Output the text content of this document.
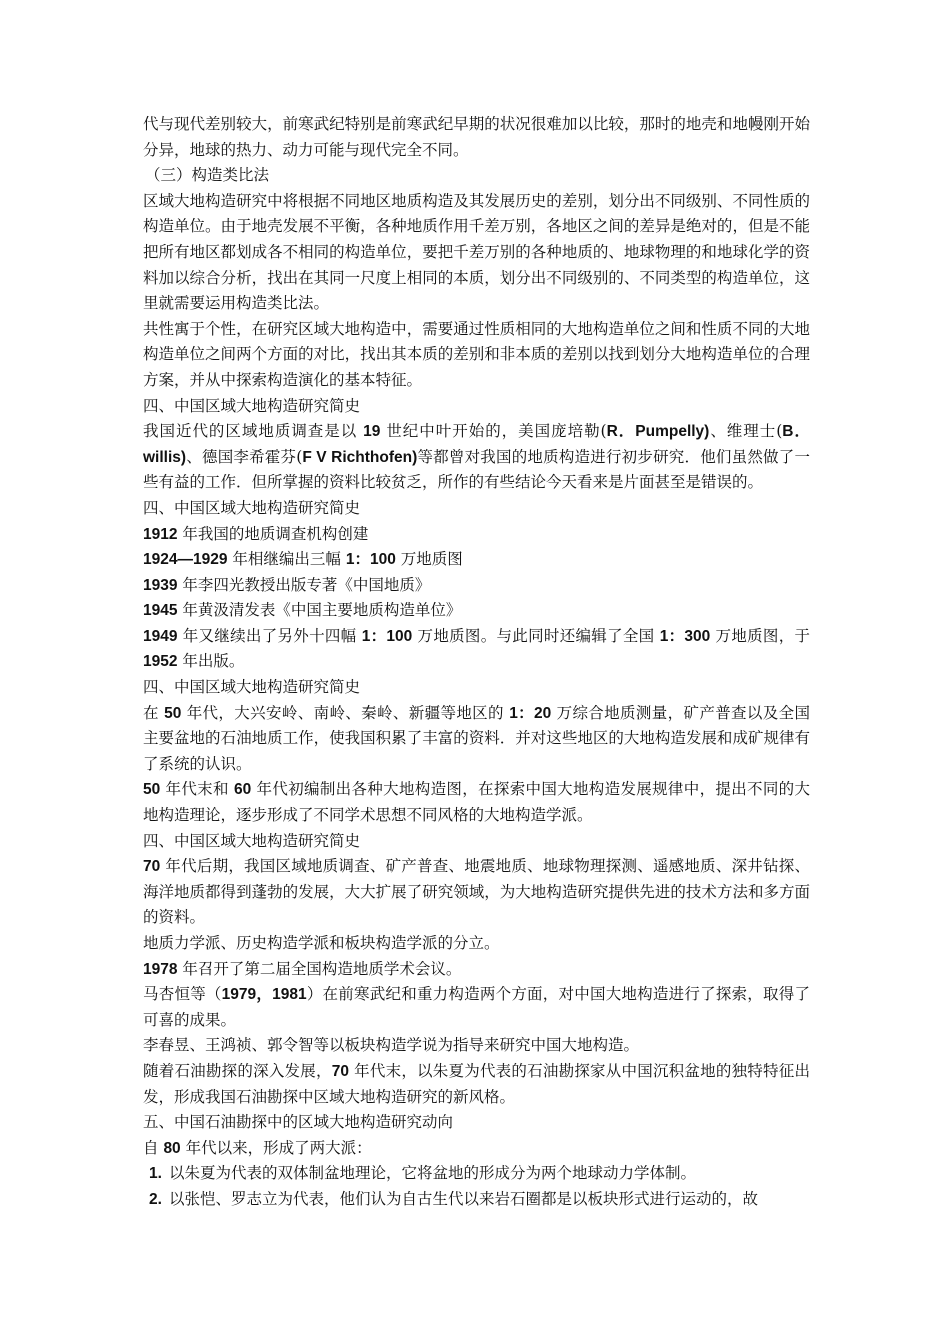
代与现代差别较大，前寒武纪特别是前寒武纪早期的状况很难加以比较，那时的地壳和地幔刚开始分异，地球的热力、动力可能与现代完全不同。

（三）构造类比法

区域大地构造研究中将根据不同地区地质构造及其发展历史的差别，划分出不同级别、不同性质的构造单位。由于地壳发展不平衡，各种地质作用千差万别，各地区之间的差异是绝对的，但是不能把所有地区都划成各不相同的构造单位，要把千差万别的各种地质的、地球物理的和地球化学的资料加以综合分析，找出在其同一尺度上相同的本质，划分出不同级别的、不同类型的构造单位，这里就需要运用构造类比法。

共性寓于个性，在研究区域大地构造中，需要通过性质相同的大地构造单位之间和性质不同的大地构造单位之间两个方面的对比，找出其本质的差别和非本质的差别以找到划分大地构造单位的合理方案，并从中探索构造演化的基本特征。

四、中国区域大地构造研究简史

我国近代的区域地质调查是以 19 世纪中叶开始的，美国庞培勒(R．Pumpelly)、维理士(B．willis)、德国李希霍芬(F V Richthofen)等都曾对我国的地质构造进行初步研究．他们虽然做了一些有益的工作．但所掌握的资料比较贫乏，所作的有些结论今天看来是片面甚至是错误的。

四、中国区域大地构造研究简史

1912 年我国的地质调查机构创建

1924—1929 年相继编出三幅 1：100 万地质图

1939 年李四光教授出版专著《中国地质》

1945 年黄汲清发表《中国主要地质构造单位》

1949 年又继续出了另外十四幅 1：100 万地质图。与此同时还编辑了全国 1：300 万地质图，于 1952 年出版。

四、中国区域大地构造研究简史

在 50 年代，大兴安岭、南岭、秦岭、新疆等地区的 1：20 万综合地质测量，矿产普查以及全国主要盆地的石油地质工作，使我国积累了丰富的资料．并对这些地区的大地构造发展和成矿规律有了系统的认识。

50 年代末和 60 年代初编制出各种大地构造图，在探索中国大地构造发展规律中，提出不同的大地构造理论，逐步形成了不同学术思想不同风格的大地构造学派。

四、中国区域大地构造研究简史

70 年代后期，我国区域地质调查、矿产普查、地震地质、地球物理探测、遥感地质、深井钻探、海洋地质都得到蓬勃的发展，大大扩展了研究领域，为大地构造研究提供先进的技术方法和多方面的资料。

地质力学派、历史构造学派和板块构造学派的分立。

1978 年召开了第二届全国构造地质学术会议。

马杏恒等（1979，1981）在前寒武纪和重力构造两个方面，对中国大地构造进行了探索，取得了可喜的成果。

李春昱、王鸿祯、郭令智等以板块构造学说为指导来研究中国大地构造。

随着石油勘探的深入发展，70 年代末，以朱夏为代表的石油勘探家从中国沉积盆地的独特特征出发，形成我国石油勘探中区域大地构造研究的新风格。

五、中国石油勘探中的区域大地构造研究动向

自 80 年代以来，形成了两大派：

1. 以朱夏为代表的双体制盆地理论，它将盆地的形成分为两个地球动力学体制。

2. 以张恺、罗志立为代表，他们认为自古生代以来岩石圈都是以板块形式进行运动的，故
